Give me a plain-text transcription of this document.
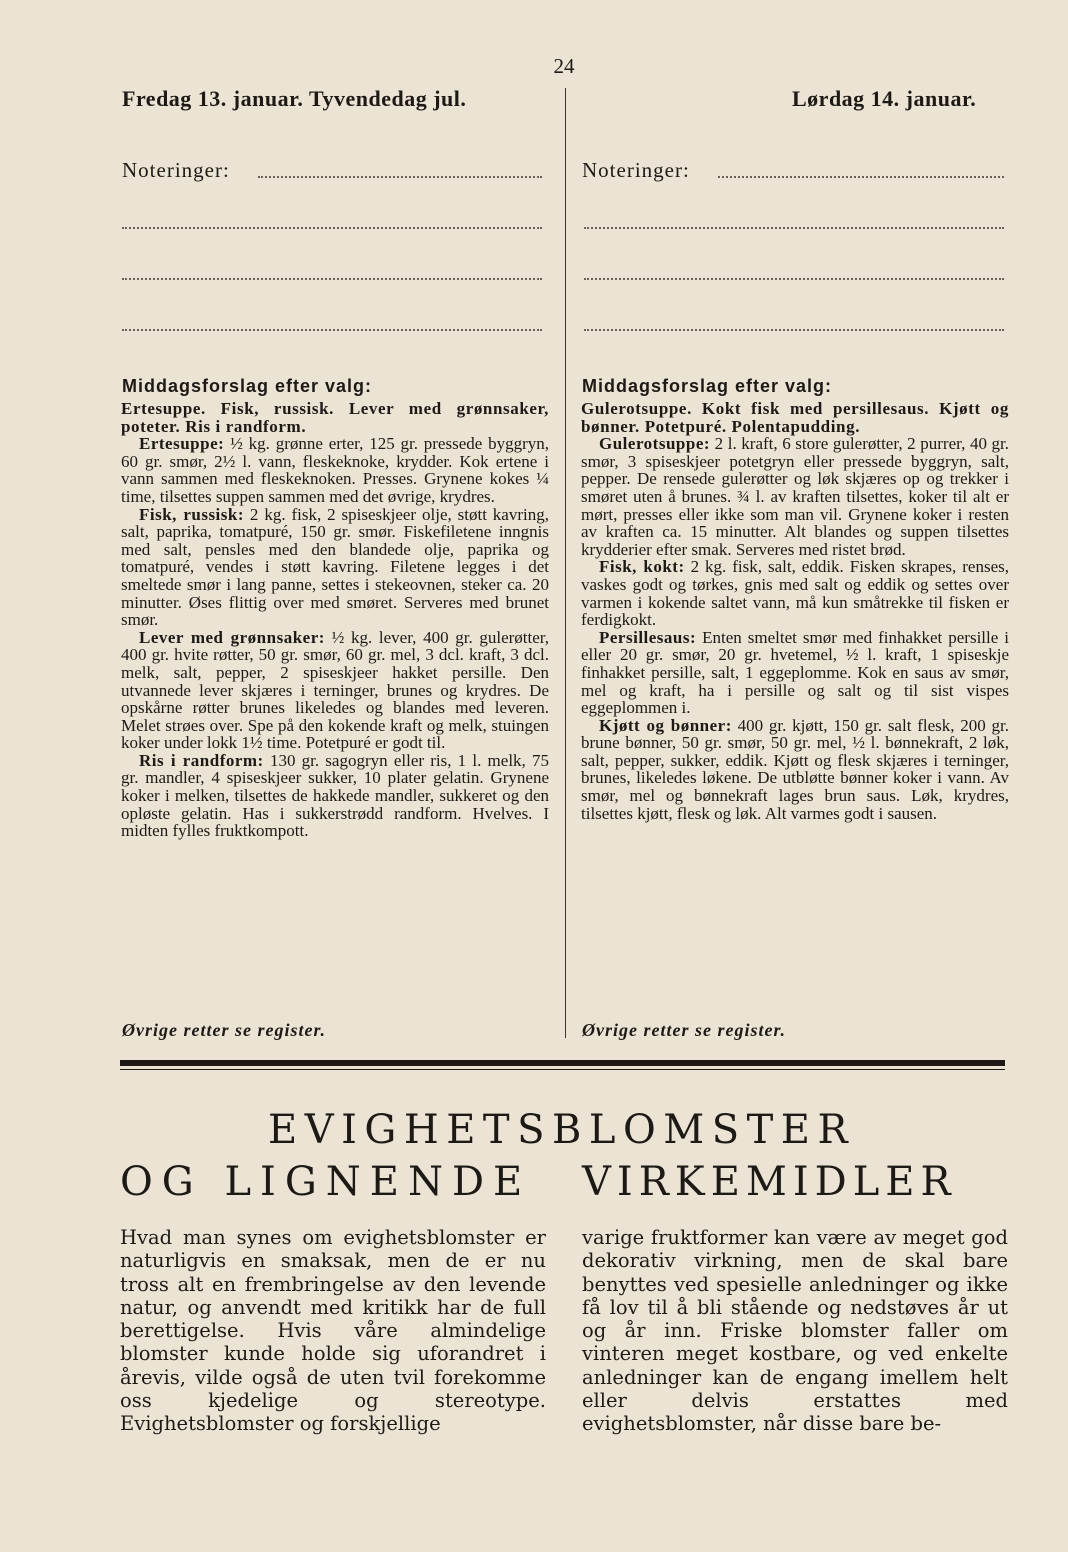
24
Fredag 13. januar. Tyvendedag jul.	Lørdag 14. januar.
Noteringer:	Noteringer:
Middagsforslag efter valg:	Middagsforslag efter valg:

Ertesuppe. Fisk, russisk. Lever med grønnsaker, poteter. Ris i randform.

Ertesuppe: ½ kg. grønne erter, 125 gr. pressede byggryn, 60 gr. smør, 2½ l. vann, fleskeknoke, krydder. Kok ertene i vann sammen med fleskeknoken. Presses. Grynene kokes ¼ time, tilsettes suppen sammen med det øvrige, krydres.

Fisk, russisk: 2 kg. fisk, 2 spiseskjeer olje, støtt kavring, salt, paprika, tomatpuré, 150 gr. smør. Fiskefiletene inngnis med salt, pensles med den blandede olje, paprika og tomatpuré, vendes i støtt kavring. Filetene legges i det smeltede smør i lang panne, settes i stekeovnen, steker ca. 20 minutter. Øses flittig over med smøret. Serveres med brunet smør.

Lever med grønnsaker: ½ kg. lever, 400 gr. gulerøtter, 400 gr. hvite røtter, 50 gr. smør, 60 gr. mel, 3 dcl. kraft, 3 dcl. melk, salt, pepper, 2 spiseskjeer hakket persille. Den utvannede lever skjæres i terninger, brunes og krydres. De opskårne røtter brunes likeledes og blandes med leveren. Melet strøes over. Spe på den kokende kraft og melk, stuingen koker under lokk 1½ time. Potetpuré er godt til.

Ris i randform: 130 gr. sagogryn eller ris, 1 l. melk, 75 gr. mandler, 4 spiseskjeer sukker, 10 plater gelatin. Grynene koker i melken, tilsettes de hakkede mandler, sukkeret og den opløste gelatin. Has i sukkerstrødd randform. Hvelves. I midten fylles fruktkompott.

Gulerotsuppe. Kokt fisk med persillesaus. Kjøtt og bønner. Potetpuré. Polentapudding.

Gulerotsuppe: 2 l. kraft, 6 store gulerøtter, 2 purrer, 40 gr. smør, 3 spiseskjeer potetgryn eller pressede byggryn, salt, pepper. De rensede gulerøtter og løk skjæres op og trekker i smøret uten å brunes. ¾ l. av kraften tilsettes, koker til alt er mørt, presses eller ikke som man vil. Grynene koker i resten av kraften ca. 15 minutter. Alt blandes og suppen tilsettes krydderier efter smak. Serveres med ristet brød.

Fisk, kokt: 2 kg. fisk, salt, eddik. Fisken skrapes, renses, vaskes godt og tørkes, gnis med salt og eddik og settes over varmen i kokende saltet vann, må kun småtrekke til fisken er ferdigkokt.

Persillesaus: Enten smeltet smør med finhakket persille i eller 20 gr. smør, 20 gr. hvetemel, ½ l. kraft, 1 spiseskje finhakket persille, salt, 1 eggeplomme. Kok en saus av smør, mel og kraft, ha i persille og salt og til sist vispes eggeplommen i.

Kjøtt og bønner: 400 gr. kjøtt, 150 gr. salt flesk, 200 gr. brune bønner, 50 gr. smør, 50 gr. mel, ½ l. bønnekraft, 2 løk, salt, pepper, sukker, eddik. Kjøtt og flesk skjæres i terninger, brunes, likeledes løkene. De utbløtte bønner koker i vann. Av smør, mel og bønnekraft lages brun saus. Løk, krydres, tilsettes kjøtt, flesk og løk. Alt varmes godt i sausen.

Øvrige retter se register.	Øvrige retter se register.
EVIGHETSBLOMSTER
OG LIGNENDE VIRKEMIDLER

Hvad man synes om evighetsblomster er naturligvis en smaksak, men de er nu tross alt en frembringelse av den levende natur, og anvendt med kritikk har de full berettigelse. Hvis våre almindelige blomster kunde holde sig uforandret i årevis, vilde også de uten tvil forekomme oss kjedelige og stereotype. Evighetsblomster og forskjellige

varige fruktformer kan være av meget god dekorativ virkning, men de skal bare benyttes ved spesielle anledninger og ikke få lov til å bli stående og nedstøves år ut og år inn. Friske blomster faller om vinteren meget kostbare, og ved enkelte anledninger kan de engang imellem helt eller delvis erstattes med evighetsblomster, når disse bare be-
